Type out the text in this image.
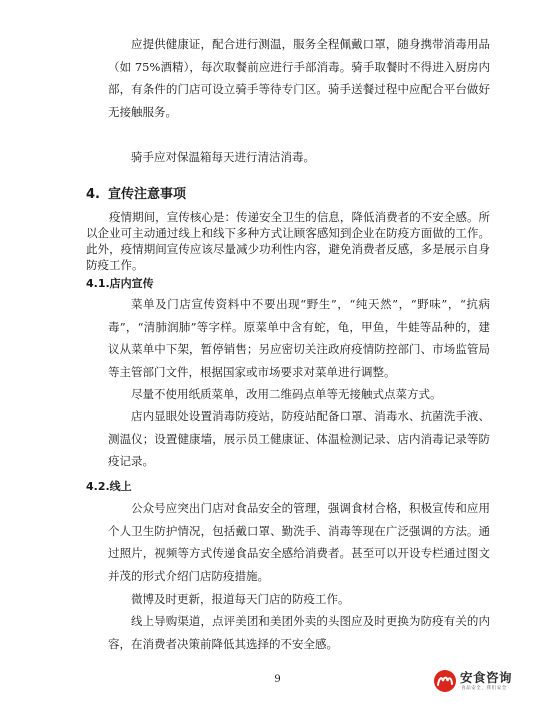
应提供健康证，配合进行测温，服务全程佩戴口罩，随身携带消毒用品（如 75%酒精），每次取餐前应进行手部消毒。骑手取餐时不得进入厨房内部，有条件的门店可设立骑手等待专门区。骑手送餐过程中应配合平台做好无接触服务。

骑手应对保温箱每天进行清洁消毒。

4. 宣传注意事项

疫情期间，宣传核心是：传递安全卫生的信息，降低消费者的不安全感。所以企业可主动通过线上和线下多种方式让顾客感知到企业在防疫方面做的工作。此外，疫情期间宣传应该尽量减少功利性内容，避免消费者反感，多是展示自身防疫工作。

4.1.店内宣传

菜单及门店宣传资料中不要出现“野生”，“纯天然”，“野味”，“抗病毒”，“清肺润肺”等字样。原菜单中含有蛇，龟，甲鱼，牛蛙等品种的，建议从菜单中下架，暂停销售；另应密切关注政府疫情防控部门、市场监管局等主管部门文件，根据国家或市场要求对菜单进行调整。

尽量不使用纸质菜单，改用二维码点单等无接触式点菜方式。

店内显眼处设置消毒防疫站，防疫站配备口罩、消毒水、抗菌洗手液、测温仪；设置健康墙，展示员工健康证、体温检测记录、店内消毒记录等防疫记录。

4.2.线上

公众号应突出门店对食品安全的管理，强调食材合格，积极宣传和应用个人卫生防护情况，包括戴口罩、勤洗手、消毒等现在广泛强调的方法。通过照片，视频等方式传递食品安全感给消费者。甚至可以开设专栏通过图文并茂的形式介绍门店防疫措施。

微博及时更新，报道每天门店的防疫工作。

线上导购渠道，点评美团和美团外卖的头图应及时更换为防疫有关的内容，在消费者决策前降低其选择的不安全感。

9	安食咨询
食品安全，我们安全
